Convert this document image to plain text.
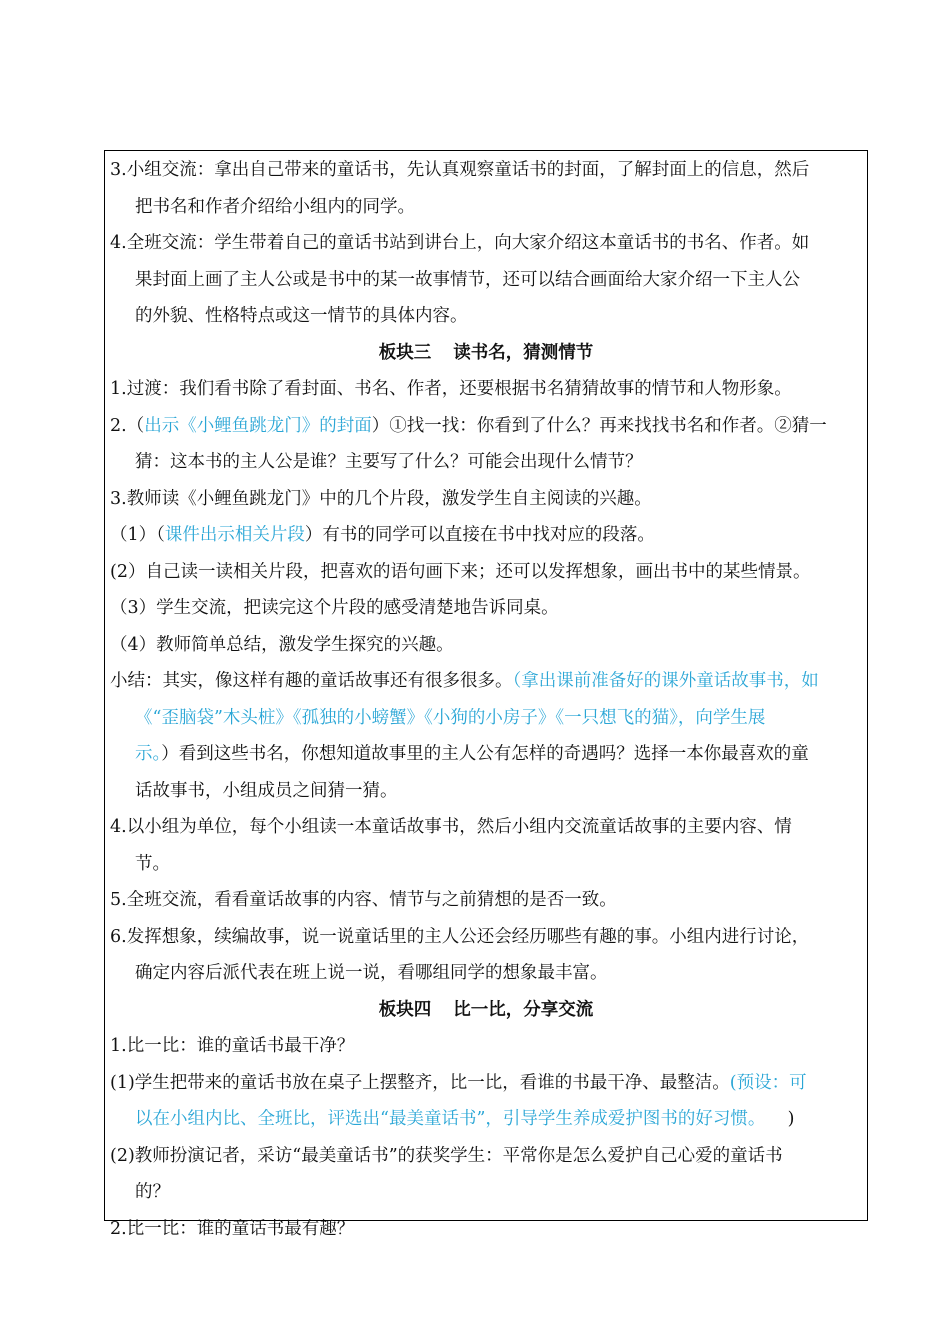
3.小组交流：拿出自己带来的童话书，先认真观察童话书的封面，了解封面上的信息，然后

把书名和作者介绍给小组内的同学。

4.全班交流：学生带着自己的童话书站到讲台上，向大家介绍这本童话书的书名、作者。如

果封面上画了主人公或是书中的某一故事情节，还可以结合画面给大家介绍一下主人公

的外貌、性格特点或这一情节的具体内容。

板块三 读书名，猜测情节

1.过渡：我们看书除了看封面、书名、作者，还要根据书名猜猜故事的情节和人物形象。

2.（出示《小鲤鱼跳龙门》的封面）①找一找：你看到了什么？再来找找书名和作者。②猜一

猜：这本书的主人公是谁？主要写了什么？可能会出现什么情节？

3.教师读《小鲤鱼跳龙门》中的几个片段，激发学生自主阅读的兴趣。

（1）（课件出示相关片段）有书的同学可以直接在书中找对应的段落。

(2）自己读一读相关片段，把喜欢的语句画下来；还可以发挥想象，画出书中的某些情景。

（3）学生交流，把读完这个片段的感受清楚地告诉同桌。

（4）教师简单总结，激发学生探究的兴趣。

小结：其实，像这样有趣的童话故事还有很多很多。（拿出课前准备好的课外童话故事书，如

《“歪脑袋”木头桩》《孤独的小螃蟹》《小狗的小房子》《一只想飞的猫》，向学生展

示。）看到这些书名，你想知道故事里的主人公有怎样的奇遇吗？选择一本你最喜欢的童

话故事书，小组成员之间猜一猜。

4.以小组为单位，每个小组读一本童话故事书，然后小组内交流童话故事的主要内容、情

节。

5.全班交流，看看童话故事的内容、情节与之前猜想的是否一致。

6.发挥想象，续编故事，说一说童话里的主人公还会经历哪些有趣的事。小组内进行讨论，

确定内容后派代表在班上说一说，看哪组同学的想象最丰富。

板块四 比一比，分享交流

1.比一比：谁的童话书最干净？

(1)学生把带来的童话书放在桌子上摆整齐，比一比，看谁的书最干净、最整洁。(预设：可

以在小组内比、全班比，评选出“最美童话书”，引导学生养成爱护图书的好习惯。 )

(2)教师扮演记者，采访“最美童话书”的获奖学生：平常你是怎么爱护自己心爱的童话书

的？

2.比一比：谁的童话书最有趣？
